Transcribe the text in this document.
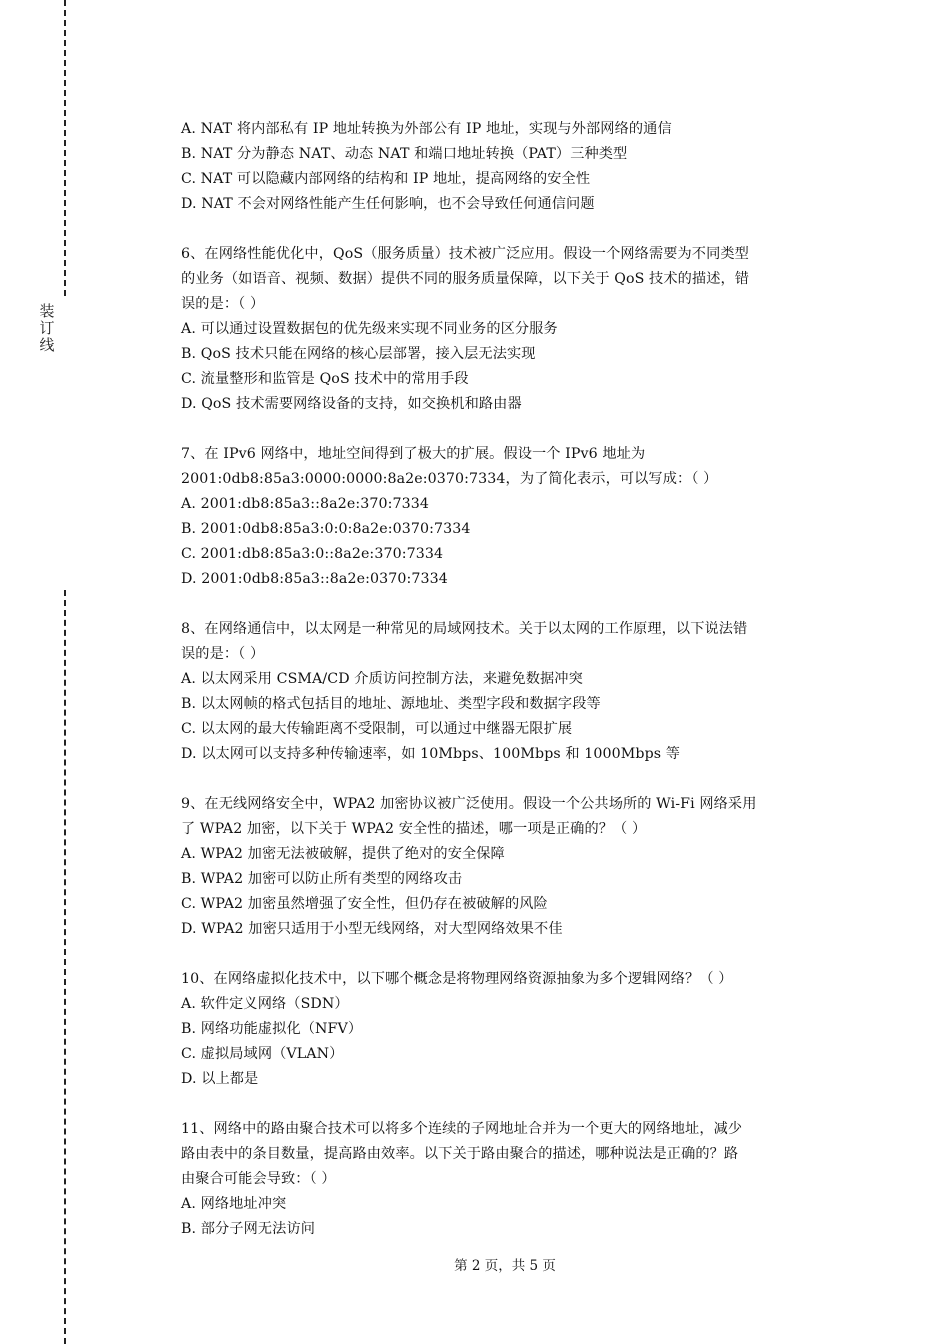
装
订
线
A. NAT 将内部私有 IP 地址转换为外部公有 IP 地址，实现与外部网络的通信
B. NAT 分为静态 NAT、动态 NAT 和端口地址转换（PAT）三种类型
C. NAT 可以隐藏内部网络的结构和 IP 地址，提高网络的安全性
D. NAT 不会对网络性能产生任何影响，也不会导致任何通信问题
6、在网络性能优化中，QoS（服务质量）技术被广泛应用。假设一个网络需要为不同类型
的业务（如语音、视频、数据）提供不同的服务质量保障，以下关于 QoS 技术的描述，错
误的是：（ ）
A. 可以通过设置数据包的优先级来实现不同业务的区分服务
B. QoS 技术只能在网络的核心层部署，接入层无法实现
C. 流量整形和监管是 QoS 技术中的常用手段
D. QoS 技术需要网络设备的支持，如交换机和路由器
7、在 IPv6 网络中，地址空间得到了极大的扩展。假设一个 IPv6 地址为
2001:0db8:85a3:0000:0000:8a2e:0370:7334，为了简化表示，可以写成：（ ）
A. 2001:db8:85a3::8a2e:370:7334
B. 2001:0db8:85a3:0:0:8a2e:0370:7334
C. 2001:db8:85a3:0::8a2e:370:7334
D. 2001:0db8:85a3::8a2e:0370:7334
8、在网络通信中，以太网是一种常见的局域网技术。关于以太网的工作原理，以下说法错
误的是：（ ）
A. 以太网采用 CSMA/CD 介质访问控制方法，来避免数据冲突
B. 以太网帧的格式包括目的地址、源地址、类型字段和数据字段等
C. 以太网的最大传输距离不受限制，可以通过中继器无限扩展
D. 以太网可以支持多种传输速率，如 10Mbps、100Mbps 和 1000Mbps 等
9、在无线网络安全中，WPA2 加密协议被广泛使用。假设一个公共场所的 Wi-Fi 网络采用
了 WPA2 加密，以下关于 WPA2 安全性的描述，哪一项是正确的？（ ）
A. WPA2 加密无法被破解，提供了绝对的安全保障
B. WPA2 加密可以防止所有类型的网络攻击
C. WPA2 加密虽然增强了安全性，但仍存在被破解的风险
D. WPA2 加密只适用于小型无线网络，对大型网络效果不佳
10、在网络虚拟化技术中，以下哪个概念是将物理网络资源抽象为多个逻辑网络？（ ）
A. 软件定义网络（SDN）
B. 网络功能虚拟化（NFV）
C. 虚拟局域网（VLAN）
D. 以上都是
11、网络中的路由聚合技术可以将多个连续的子网地址合并为一个更大的网络地址，减少
路由表中的条目数量，提高路由效率。以下关于路由聚合的描述，哪种说法是正确的？路
由聚合可能会导致：（ ）
A. 网络地址冲突
B. 部分子网无法访问
第 2 页，共 5 页
